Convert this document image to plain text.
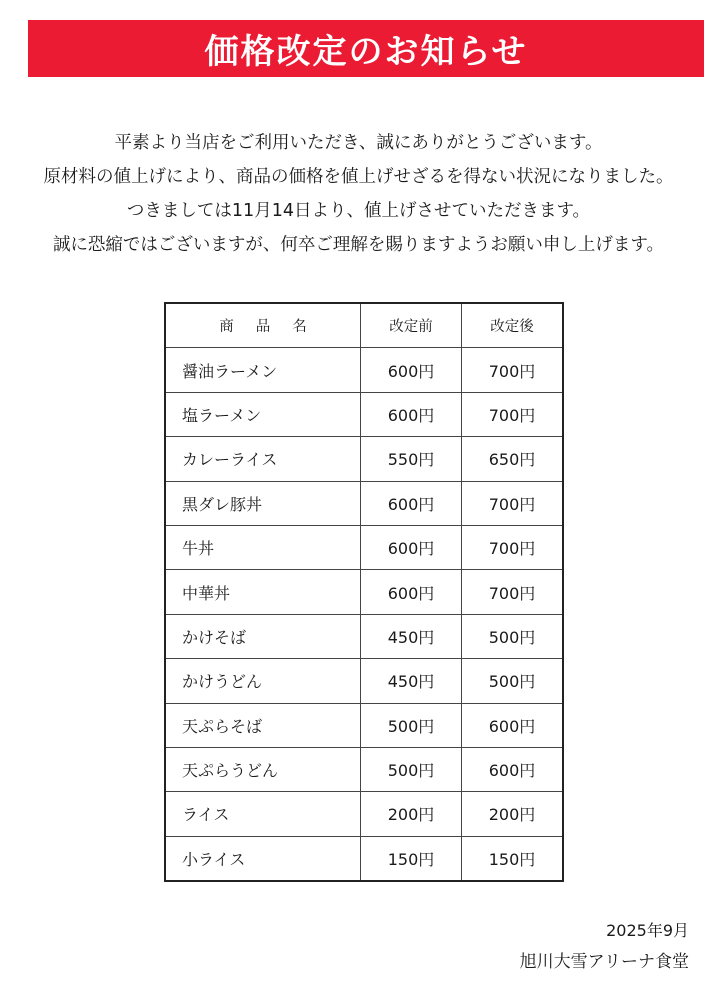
価格改定のお知らせ
平素より当店をご利用いただき、誠にありがとうございます。
原材料の値上げにより、商品の価格を値上げせざるを得ない状況になりました。
つきましては11月14日より、値上げさせていただきます。
誠に恐縮ではございますが、何卒ご理解を賜りますようお願い申し上げます。
商品名	改定前	改定後
醤油ラーメン	600円	700円
塩ラーメン	600円	700円
カレーライス	550円	650円
黒ダレ豚丼	600円	700円
牛丼	600円	700円
中華丼	600円	700円
かけそば	450円	500円
かけうどん	450円	500円
天ぷらそば	500円	600円
天ぷらうどん	500円	600円
ライス	200円	200円
小ライス	150円	150円
2025年9月
旭川大雪アリーナ食堂
